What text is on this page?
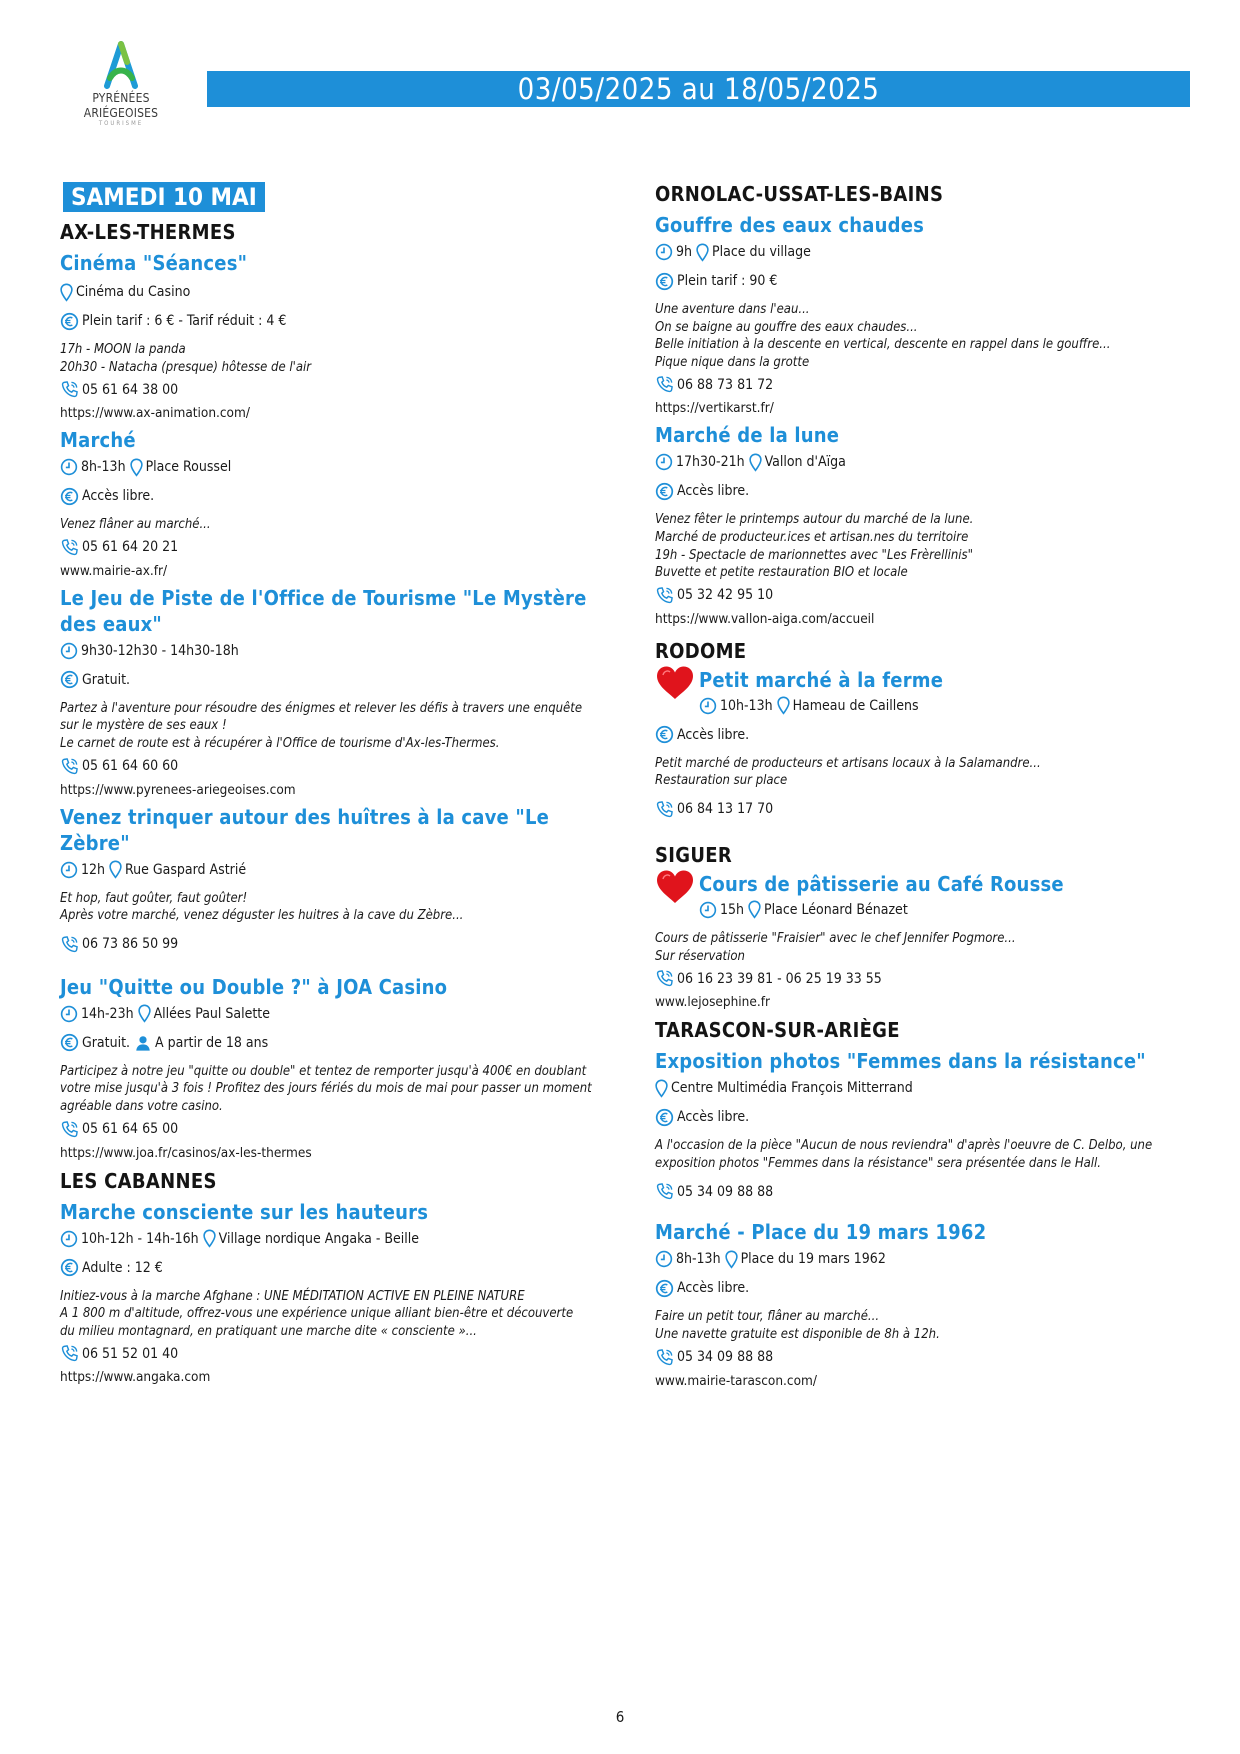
PYRÉNÉES
ARIÉGEOISES
TOURISME
03/05/2025 au 18/05/2025
SAMEDI 10 MAI
AX-LES-THERMES
Cinéma "Séances"
Cinéma du Casino
Plein tarif : 6 € - Tarif réduit : 4 €
17h - MOON la panda
20h30 - Natacha (presque) hôtesse de l'air
05 61 64 38 00
https://www.ax-animation.com/
Marché
8h-13h Place Roussel
Accès libre.
Venez flâner au marché...
05 61 64 20 21
www.mairie-ax.fr/
Le Jeu de Piste de l'Office de Tourisme "Le Mystère des eaux"
9h30-12h30 - 14h30-18h
Gratuit.
Partez à l'aventure pour résoudre des énigmes et relever les défis à travers une enquête
sur le mystère de ses eaux !
Le carnet de route est à récupérer à l'Office de tourisme d'Ax-les-Thermes.
05 61 64 60 60
https://www.pyrenees-ariegeoises.com
Venez trinquer autour des huîtres à la cave "Le Zèbre"
12h Rue Gaspard Astrié
Et hop, faut goûter, faut goûter!
Après votre marché, venez déguster les huitres à la cave du Zèbre...
06 73 86 50 99
Jeu "Quitte ou Double ?" à JOA Casino
14h-23h Allées Paul Salette
Gratuit. A partir de 18 ans
Participez à notre jeu "quitte ou double" et tentez de remporter jusqu'à 400€ en doublant
votre mise jusqu'à 3 fois ! Profitez des jours fériés du mois de mai pour passer un moment
agréable dans votre casino.
05 61 64 65 00
https://www.joa.fr/casinos/ax-les-thermes
LES CABANNES
Marche consciente sur les hauteurs
10h-12h - 14h-16h Village nordique Angaka - Beille
Adulte : 12 €
Initiez-vous à la marche Afghane : UNE MÉDITATION ACTIVE EN PLEINE NATURE
A 1 800 m d'altitude, offrez-vous une expérience unique alliant bien-être et découverte
du milieu montagnard, en pratiquant une marche dite « consciente »...
06 51 52 01 40
https://www.angaka.com
ORNOLAC-USSAT-LES-BAINS
Gouffre des eaux chaudes
9h Place du village
Plein tarif : 90 €
Une aventure dans l'eau...
On se baigne au gouffre des eaux chaudes...
Belle initiation à la descente en vertical, descente en rappel dans le gouffre...
Pique nique dans la grotte
06 88 73 81 72
https://vertikarst.fr/
Marché de la lune
17h30-21h Vallon d'Aïga
Accès libre.
Venez fêter le printemps autour du marché de la lune.
Marché de producteur.ices et artisan.nes du territoire
19h - Spectacle de marionnettes avec "Les Frèrellinis"
Buvette et petite restauration BIO et locale
05 32 42 95 10
https://www.vallon-aiga.com/accueil
RODOME
Petit marché à la ferme
10h-13h Hameau de Caillens
Accès libre.
Petit marché de producteurs et artisans locaux à la Salamandre...
Restauration sur place
06 84 13 17 70
SIGUER
Cours de pâtisserie au Café Rousse
15h Place Léonard Bénazet
Cours de pâtisserie "Fraisier" avec le chef Jennifer Pogmore...
Sur réservation
06 16 23 39 81 - 06 25 19 33 55
www.lejosephine.fr
TARASCON-SUR-ARIÈGE
Exposition photos "Femmes dans la résistance"
Centre Multimédia François Mitterrand
Accès libre.
A l'occasion de la pièce "Aucun de nous reviendra" d'après l'oeuvre de C. Delbo, une
exposition photos "Femmes dans la résistance" sera présentée dans le Hall.
05 34 09 88 88
Marché - Place du 19 mars 1962
8h-13h Place du 19 mars 1962
Accès libre.
Faire un petit tour, flâner au marché...
Une navette gratuite est disponible de 8h à 12h.
05 34 09 88 88
www.mairie-tarascon.com/
6
